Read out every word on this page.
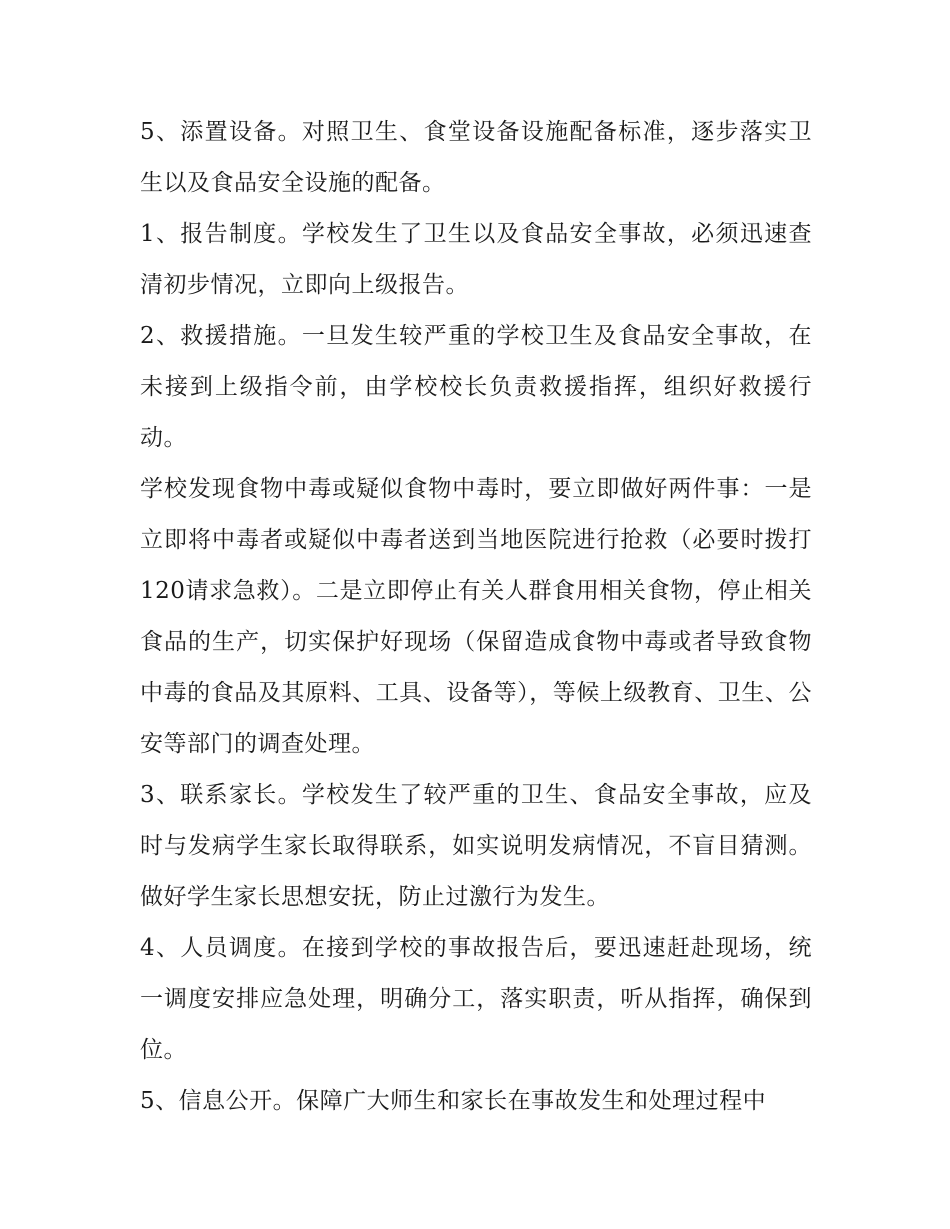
5、添置设备。对照卫生、食堂设备设施配备标准，逐步落实卫生以及食品安全设施的配备。

1、报告制度。学校发生了卫生以及食品安全事故，必须迅速查清初步情况，立即向上级报告。

2、救援措施。一旦发生较严重的学校卫生及食品安全事故，在未接到上级指令前，由学校校长负责救援指挥，组织好救援行动。

学校发现食物中毒或疑似食物中毒时，要立即做好两件事：一是立即将中毒者或疑似中毒者送到当地医院进行抢救（必要时拨打120请求急救）。二是立即停止有关人群食用相关食物，停止相关食品的生产，切实保护好现场（保留造成食物中毒或者导致食物中毒的食品及其原料、工具、设备等），等候上级教育、卫生、公安等部门的调查处理。

3、联系家长。学校发生了较严重的卫生、食品安全事故，应及时与发病学生家长取得联系，如实说明发病情况，不盲目猜测。做好学生家长思想安抚，防止过激行为发生。

4、人员调度。在接到学校的事故报告后，要迅速赶赴现场，统一调度安排应急处理，明确分工，落实职责，听从指挥，确保到位。

5、信息公开。保障广大师生和家长在事故发生和处理过程中
